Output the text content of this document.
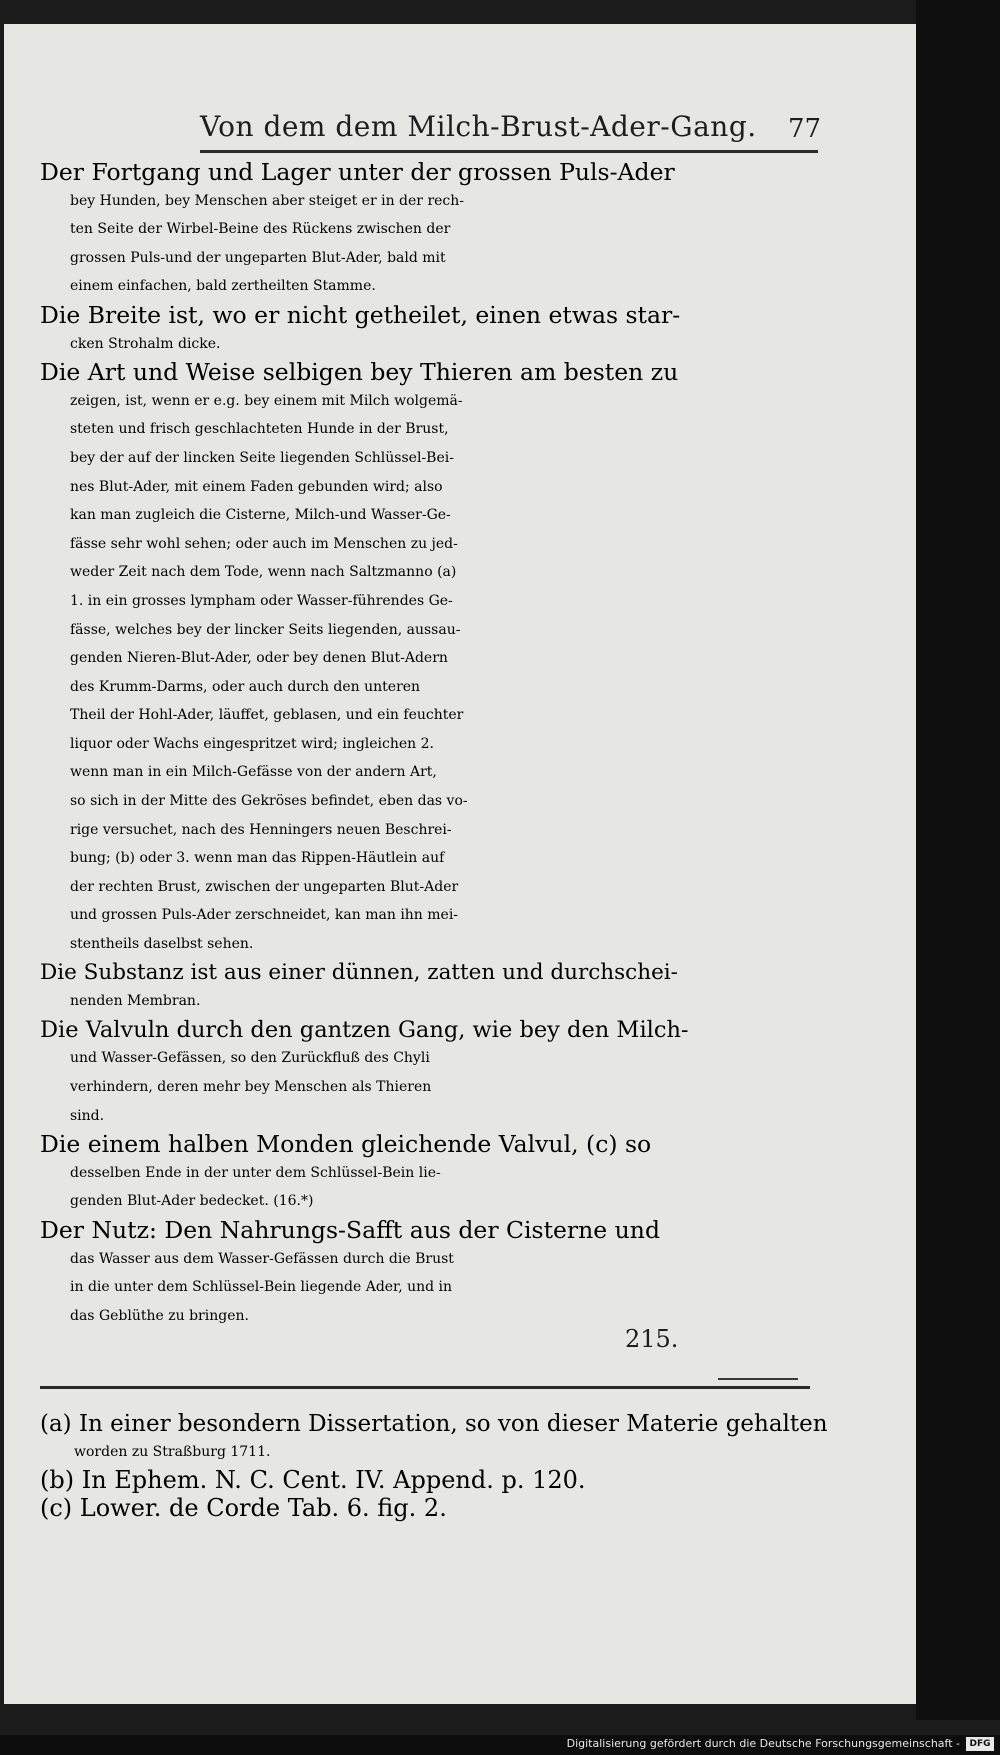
Von dem dem Milch-Brust-Ader-Gang. 77
Der Fortgang und Lager unter der grossen Puls-Ader
bey Hunden, bey Menschen aber steiget er in der rech-
ten Seite der Wirbel-Beine des Rückens zwischen der
grossen Puls-und der ungeparten Blut-Ader, bald mit
einem einfachen, bald zertheilten Stamme.
Die Breite ist, wo er nicht getheilet, einen etwas star-
cken Strohalm dicke.
Die Art und Weise selbigen bey Thieren am besten zu
zeigen, ist, wenn er e.g. bey einem mit Milch wolgemä-
steten und frisch geschlachteten Hunde in der Brust,
bey der auf der lincken Seite liegenden Schlüssel-Bei-
nes Blut-Ader, mit einem Faden gebunden wird; also
kan man zugleich die Cisterne, Milch-und Wasser-Ge-
fässe sehr wohl sehen; oder auch im Menschen zu jed-
weder Zeit nach dem Tode, wenn nach Saltzmanno (a)
1. in ein grosses lympham oder Wasser-führendes Ge-
fässe, welches bey der lincker Seits liegenden, aussau-
genden Nieren-Blut-Ader, oder bey denen Blut-Adern
des Krumm-Darms, oder auch durch den unteren
Theil der Hohl-Ader, läuffet, geblasen, und ein feuchter
liquor oder Wachs eingespritzet wird; ingleichen 2.
wenn man in ein Milch-Gefässe von der andern Art,
so sich in der Mitte des Gekröses befindet, eben das vo-
rige versuchet, nach des Henningers neuen Beschrei-
bung; (b) oder 3. wenn man das Rippen-Häutlein auf
der rechten Brust, zwischen der ungeparten Blut-Ader
und grossen Puls-Ader zerschneidet, kan man ihn mei-
stentheils daselbst sehen.
Die Substanz ist aus einer dünnen, zatten und durchschei-
nenden Membran.
Die Valvuln durch den gantzen Gang, wie bey den Milch-
und Wasser-Gefässen, so den Zurückfluß des Chyli
verhindern, deren mehr bey Menschen als Thieren
sind.
Die einem halben Monden gleichende Valvul, (c) so
desselben Ende in der unter dem Schlüssel-Bein lie-
genden Blut-Ader bedecket. (16.*)
Der Nutz: Den Nahrungs-Safft aus der Cisterne und
das Wasser aus dem Wasser-Gefässen durch die Brust
in die unter dem Schlüssel-Bein liegende Ader, und in
das Geblüthe zu bringen.
215.
(a) In einer besondern Dissertation, so von dieser Materie gehalten
worden zu Straßburg 1711.
(b) In Ephem. N. C. Cent. IV. Append. p. 120.
(c) Lower. de Corde Tab. 6. fig. 2.
Digitalisierung gefördert durch die Deutsche Forschungsgemeinschaft -	DFG
